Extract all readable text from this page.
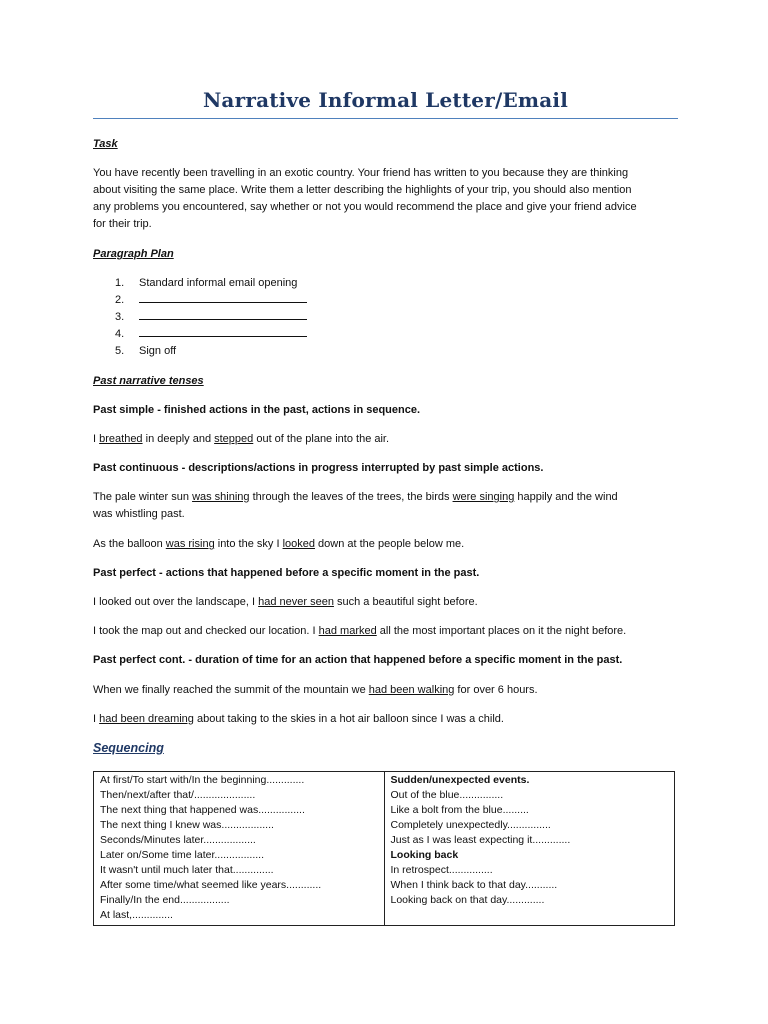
Narrative Informal Letter/Email
Task
You have recently been travelling in an exotic country. Your friend has written to you because they are thinking
about visiting the same place. Write them a letter describing the highlights of your trip, you should also mention
any problems you encountered, say whether or not you would recommend the place and give your friend advice
for their trip.
Paragraph Plan
1. Standard informal email opening
2.
3.
4.
5. Sign off
Past narrative tenses
Past simple - finished actions in the past, actions in sequence.
I breathed in deeply and stepped out of the plane into the air.
Past continuous - descriptions/actions in progress interrupted by past simple actions.
The pale winter sun was shining through the leaves of the trees, the birds were singing happily and the wind
was whistling past.
As the balloon was rising into the sky I looked down at the people below me.
Past perfect - actions that happened before a specific moment in the past.
I looked out over the landscape, I had never seen such a beautiful sight before.
I took the map out and checked our location. I had marked all the most important places on it the night before.
Past perfect cont. - duration of time for an action that happened before a specific moment in the past.
When we finally reached the summit of the mountain we had been walking for over 6 hours.
I had been dreaming about taking to the skies in a hot air balloon since I was a child.
Sequencing
At first/To start with/In the beginning.............
Then/next/after that/.....................
The next thing that happened was................
The next thing I knew was..................
Seconds/Minutes later..................
Later on/Some time later.................
It wasn't until much later that..............
After some time/what seemed like years............
Finally/In the end.................
At last,..............

Sudden/unexpected events.
Out of the blue...............
Like a bolt from the blue.........
Completely unexpectedly...............
Just as I was least expecting it.............
Looking back
In retrospect...............
When I think back to that day...........
Looking back on that day.............
